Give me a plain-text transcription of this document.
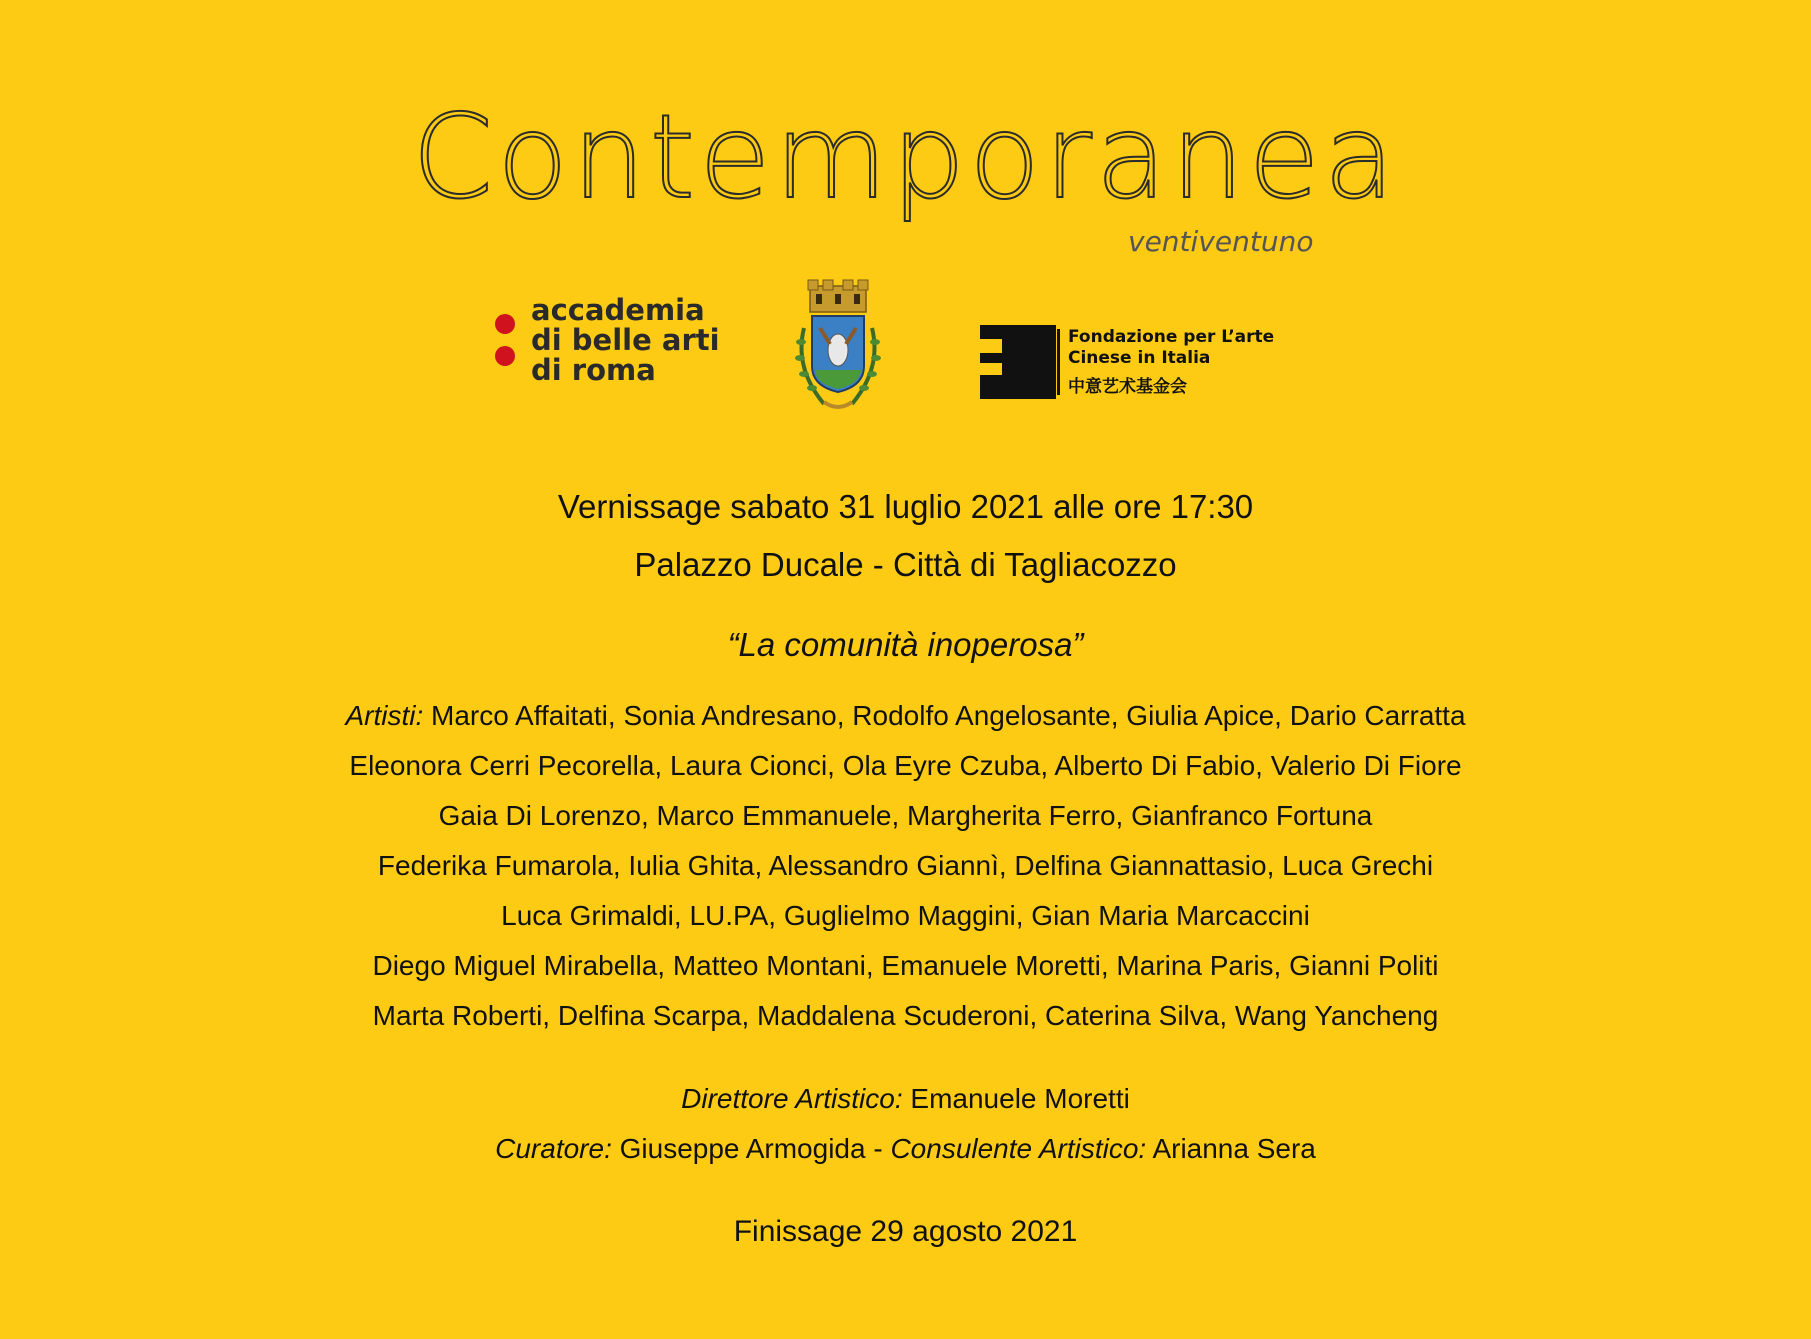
Contemporanea
ventiventuno
accademia
di belle arti
di roma
Fondazione per L’arte
Cinese in Italia
中意艺术基金会
Vernissage sabato 31 luglio 2021 alle ore 17:30
Palazzo Ducale - Città di Tagliacozzo
“La comunità inoperosa”
Artisti: Marco Affaitati, Sonia Andresano, Rodolfo Angelosante, Giulia Apice, Dario Carratta
Eleonora Cerri Pecorella, Laura Cionci, Ola Eyre Czuba, Alberto Di Fabio, Valerio Di Fiore
Gaia Di Lorenzo, Marco Emmanuele, Margherita Ferro, Gianfranco Fortuna
Federika Fumarola, Iulia Ghita, Alessandro Giannì, Delfina Giannattasio, Luca Grechi
Luca Grimaldi, LU.PA, Guglielmo Maggini, Gian Maria Marcaccini
Diego Miguel Mirabella, Matteo Montani, Emanuele Moretti, Marina Paris, Gianni Politi
Marta Roberti, Delfina Scarpa, Maddalena Scuderoni, Caterina Silva, Wang Yancheng
Direttore Artistico: Emanuele Moretti
Curatore: Giuseppe Armogida - Consulente Artistico: Arianna Sera
Finissage 29 agosto 2021
